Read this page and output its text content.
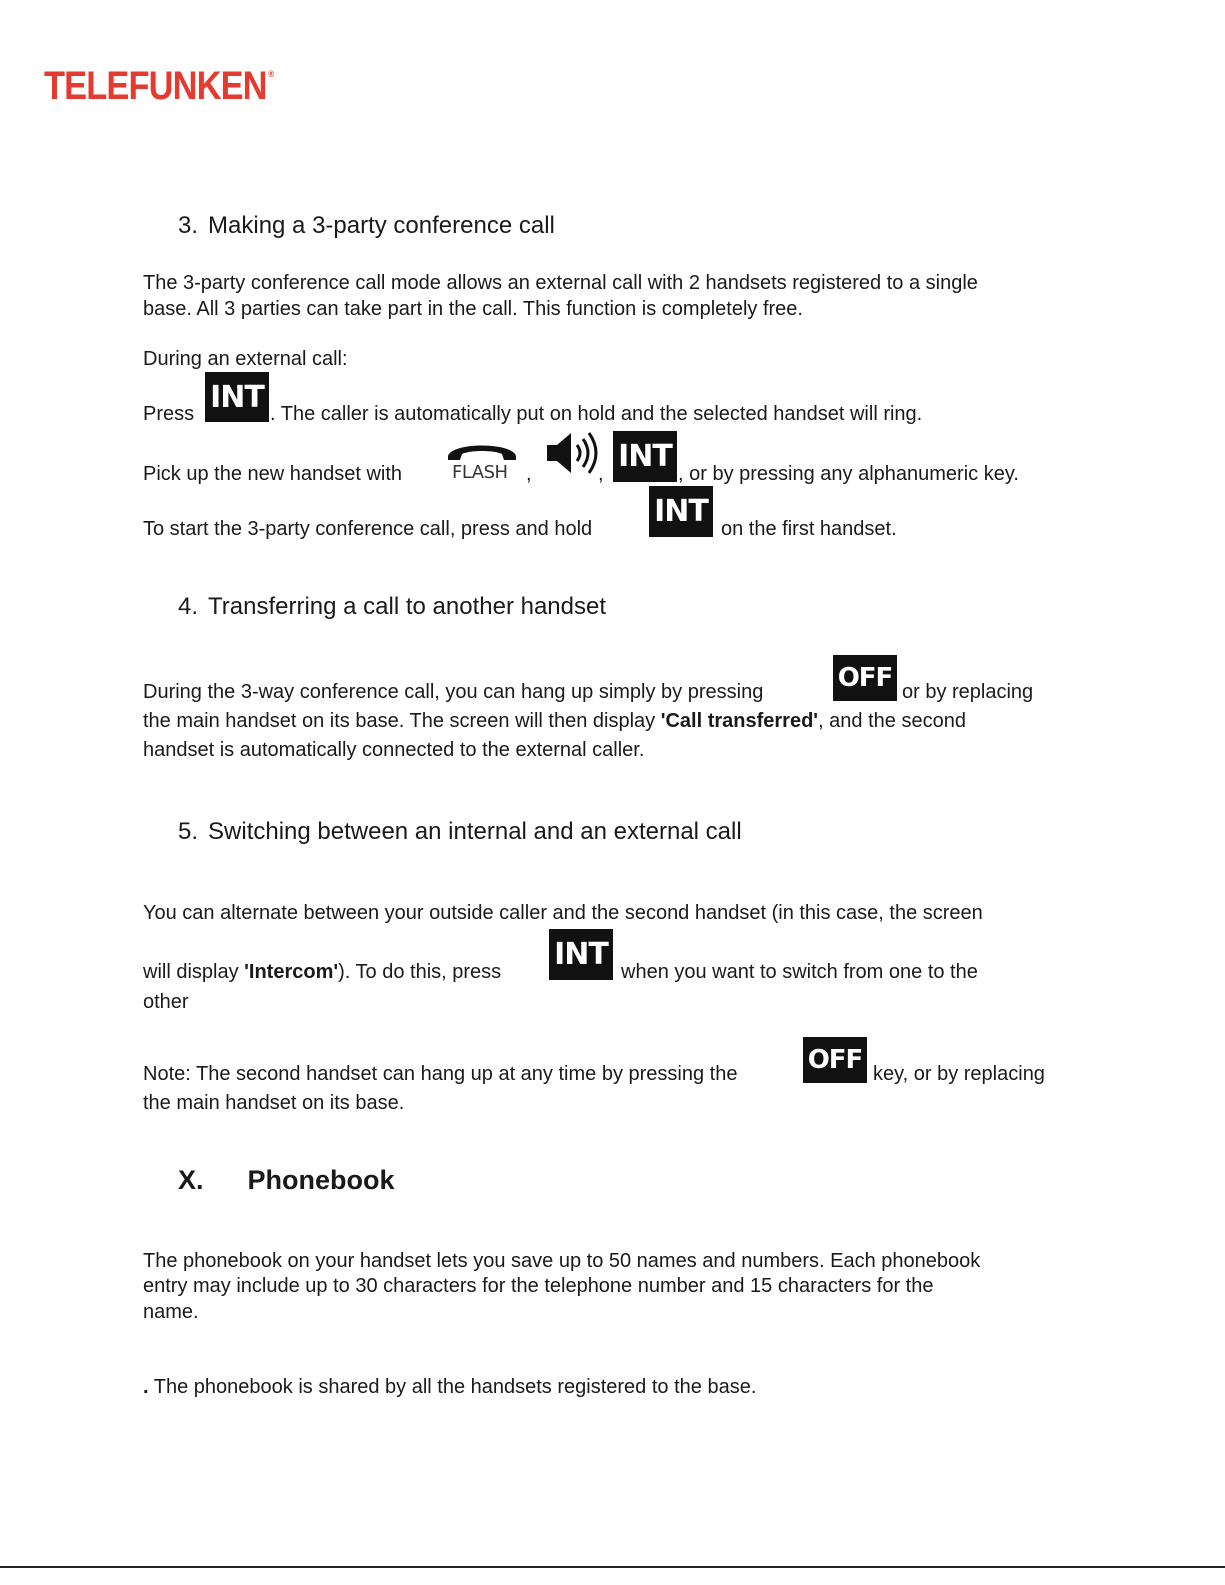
TELEFUNKEN ®
3. Making a 3-party conference call
The 3-party conference call mode allows an external call with 2 handsets registered to a single
base. All 3 parties can take part in the call. This function is completely free.
During an external call:
Press INT . The caller is automatically put on hold and the selected handset will ring.
Pick up the new handset with	FLASH ,	, INT , or by pressing any alphanumeric key.
To start the 3-party conference call, press and hold INT on the first handset.
4. Transferring a call to another handset
During the 3-way conference call, you can hang up simply by pressing	OFF or by replacing
the main handset on its base. The screen will then display 'Call transferred', and the second
handset is automatically connected to the external caller.
5. Switching between an internal and an external call
You can alternate between your outside caller and the second handset (in this case, the screen
will display 'Intercom'). To do this, press INT when you want to switch from one to the
other
Note: The second handset can hang up at any time by pressing the	OFF key, or by replacing
the main handset on its base.
X. Phonebook
The phonebook on your handset lets you save up to 50 names and numbers. Each phonebook
entry may include up to 30 characters for the telephone number and 15 characters for the
name.
. The phonebook is shared by all the handsets registered to the base.
